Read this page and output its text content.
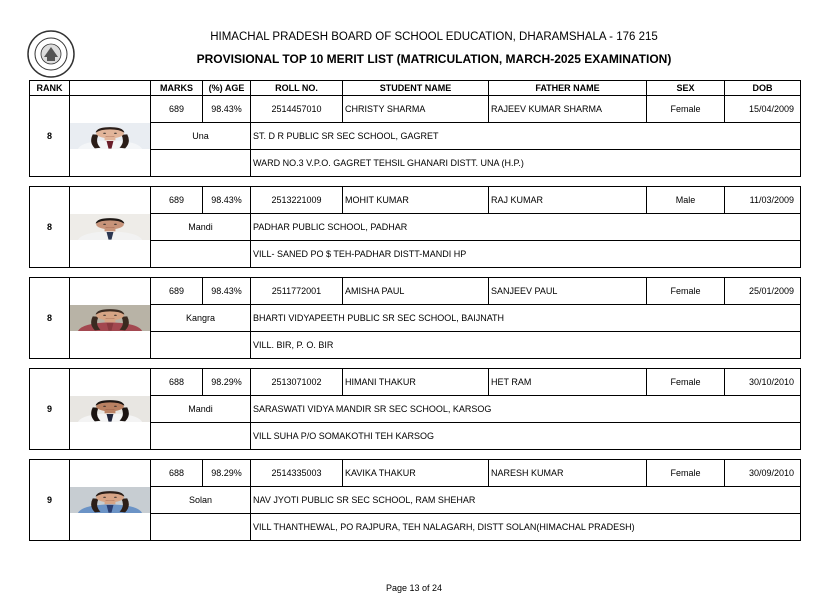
HIMACHAL PRADESH BOARD OF SCHOOL EDUCATION, DHARAMSHALA - 176 215
PROVISIONAL TOP 10 MERIT LIST (MATRICULATION, MARCH-2025 EXAMINATION)
RANK		MARKS	(%) AGE	ROLL NO.	STUDENT NAME	FATHER NAME	SEX	DOB
8		689	98.43%	2514457010	CHRISTY SHARMA	RAJEEV KUMAR SHARMA	Female	15/04/2009
		Una		ST. D R PUBLIC SR SEC SCHOOL, GAGRET				
				WARD NO.3 V.P.O. GAGRET TEHSIL GHANARI DISTT. UNA (H.P.)				
8		689	98.43%	2513221009	MOHIT KUMAR	RAJ KUMAR	Male	11/03/2009
		Mandi		PADHAR PUBLIC SCHOOL, PADHAR				
				VILL- SANED PO $ TEH-PADHAR DISTT-MANDI HP				
8		689	98.43%	2511772001	AMISHA PAUL	SANJEEV PAUL	Female	25/01/2009
		Kangra		BHARTI VIDYAPEETH PUBLIC SR SEC SCHOOL, BAIJNATH				
				VILL. BIR, P. O. BIR				
9		688	98.29%	2513071002	HIMANI THAKUR	HET RAM	Female	30/10/2010
		Mandi		SARASWATI VIDYA MANDIR SR SEC SCHOOL, KARSOG				
				VILL SUHA P/O SOMAKOTHI TEH KARSOG				
9		688	98.29%	2514335003	KAVIKA THAKUR	NARESH KUMAR	Female	30/09/2010
		Solan		NAV JYOTI PUBLIC SR SEC SCHOOL, RAM SHEHAR				
				VILL THANTHEWAL, PO RAJPURA, TEH NALAGARH, DISTT SOLAN(HIMACHAL PRADESH)				
Page 13 of 24
